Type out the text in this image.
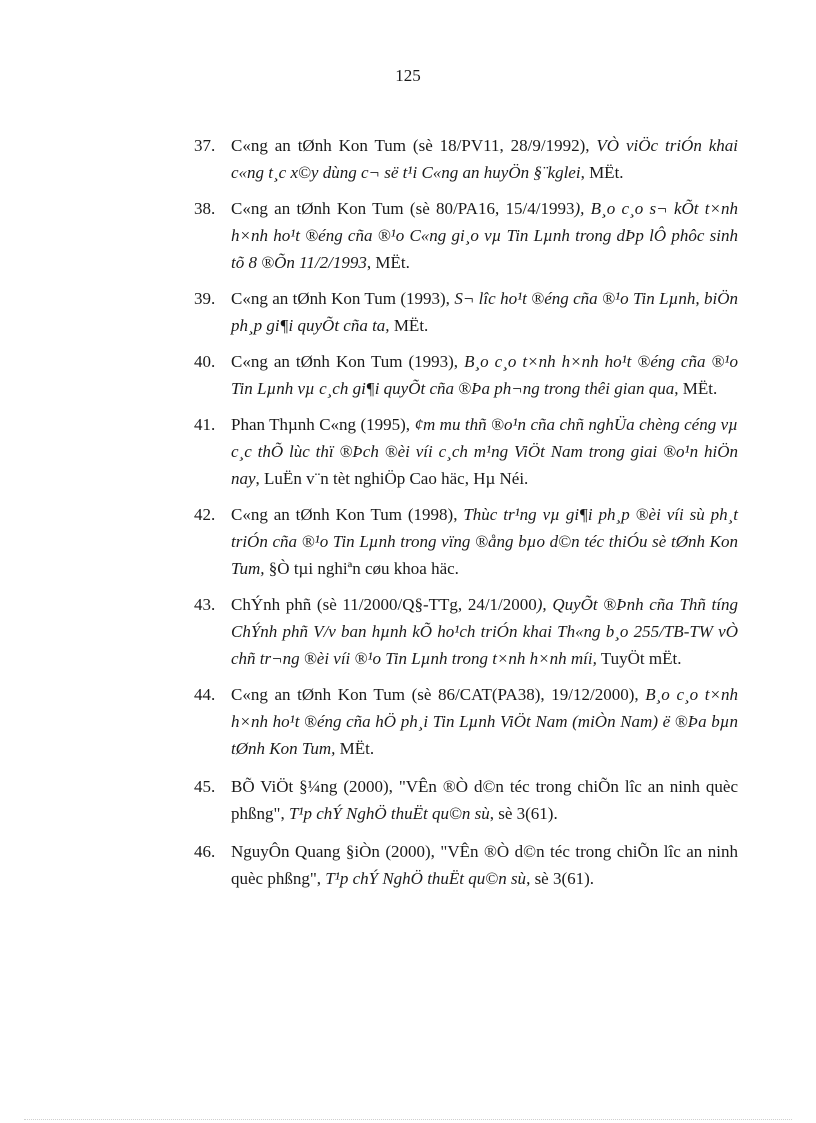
125
37. C«ng an tØnh Kon Tum (sè 18/PV11, 28/9/1992), VÒ viÖc triÓn khai c«ng t¸c x©y dùng c¬ së t¹i C«ng an huyÖn §¨kglei, MËt.
38. C«ng an tØnh Kon Tum (sè 80/PA16, 15/4/1993), B¸o c¸o s¬ kÕt t×nh h×nh ho¹t ®éng cña ®¹o C«ng gi¸o vµ Tin Lµnh trong dÞp lÔ phôc sinh tõ 8 ®Õn 11/2/1993, MËt.
39. C«ng an tØnh Kon Tum (1993), S¬ lîc ho¹t ®éng cña ®¹o Tin Lµnh, biÖn ph¸p gi¶i quyÕt cña ta, MËt.
40. C«ng an tØnh Kon Tum (1993), B¸o c¸o t×nh h×nh ho¹t ®éng cña ®¹o Tin Lµnh vµ c¸ch gi¶i quyÕt cña ®Þa ph¬ng trong thêi gian qua, MËt.
41. Phan Thµnh C«ng (1995), ¢m mu thñ ®o¹n cña chñ nghÜa chèng céng vµ c¸c thÕ lùc thï ®Þch ®èi víi c¸ch m¹ng ViÖt Nam trong giai ®o¹n hiÖn nay, LuËn v¨n tèt nghiÖp Cao häc, Hµ Néi.
42. C«ng an tØnh Kon Tum (1998), Thùc tr¹ng vµ gi¶i ph¸p ®èi víi sù ph¸t triÓn cña ®¹o Tin Lµnh trong vïng ®ång bµo d©n téc thiÓu sè tØnh Kon Tum, §Ò tµi nghiªn cøu khoa häc.
43. ChÝnh phñ (sè 11/2000/Q§-TTg, 24/1/2000), QuyÕt ®Þnh cña Thñ tíng ChÝnh phñ V/v ban hµnh kÕ ho¹ch triÓn khai Th«ng b¸o 255/TB-TW vÒ chñ tr¬ng ®èi víi ®¹o Tin Lµnh trong t×nh h×nh míi, TuyÖt mËt.
44. C«ng an tØnh Kon Tum (sè 86/CAT(PA38), 19/12/2000), B¸o c¸o t×nh h×nh ho¹t ®éng cña hÖ ph¸i Tin Lµnh ViÖt Nam (miÒn Nam) ë ®Þa bµn tØnh Kon Tum, MËt.
45. BÕ ViÖt §¼ng (2000), "VÊn ®Ò d©n téc trong chiÕn lîc an ninh quèc phßng", T¹p chÝ NghÖ thuËt qu©n sù, sè 3(61).
46. NguyÔn Quang §iÒn (2000), "VÊn ®Ò d©n téc trong chiÕn lîc an ninh quèc phßng", T¹p chÝ NghÖ thuËt qu©n sù, sè 3(61).
